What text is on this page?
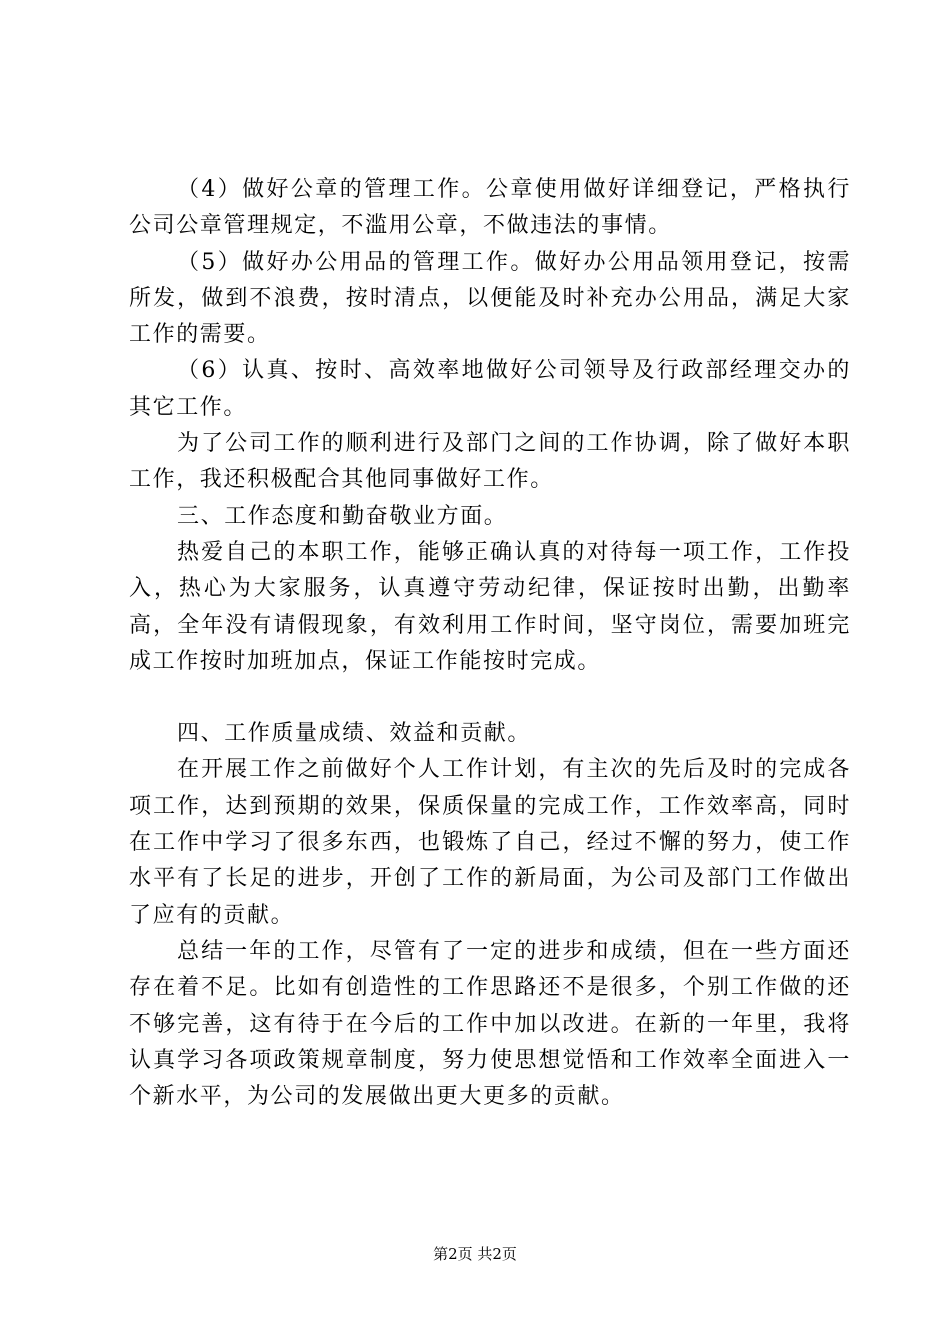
（4）做好公章的管理工作。公章使用做好详细登记，严格执行公司公章管理规定，不滥用公章，不做违法的事情。

（5）做好办公用品的管理工作。做好办公用品领用登记，按需所发，做到不浪费，按时清点，以便能及时补充办公用品，满足大家工作的需要。

（6）认真、按时、高效率地做好公司领导及行政部经理交办的其它工作。

为了公司工作的顺利进行及部门之间的工作协调，除了做好本职工作，我还积极配合其他同事做好工作。

三、工作态度和勤奋敬业方面。

热爱自己的本职工作，能够正确认真的对待每一项工作，工作投入，热心为大家服务，认真遵守劳动纪律，保证按时出勤，出勤率高，全年没有请假现象，有效利用工作时间，坚守岗位，需要加班完成工作按时加班加点，保证工作能按时完成。

四、工作质量成绩、效益和贡献。

在开展工作之前做好个人工作计划，有主次的先后及时的完成各项工作，达到预期的效果，保质保量的完成工作，工作效率高，同时在工作中学习了很多东西，也锻炼了自己，经过不懈的努力，使工作水平有了长足的进步，开创了工作的新局面，为公司及部门工作做出了应有的贡献。

总结一年的工作，尽管有了一定的进步和成绩，但在一些方面还存在着不足。比如有创造性的工作思路还不是很多，个别工作做的还不够完善，这有待于在今后的工作中加以改进。在新的一年里，我将认真学习各项政策规章制度，努力使思想觉悟和工作效率全面进入一个新水平，为公司的发展做出更大更多的贡献。

第2页 共2页
